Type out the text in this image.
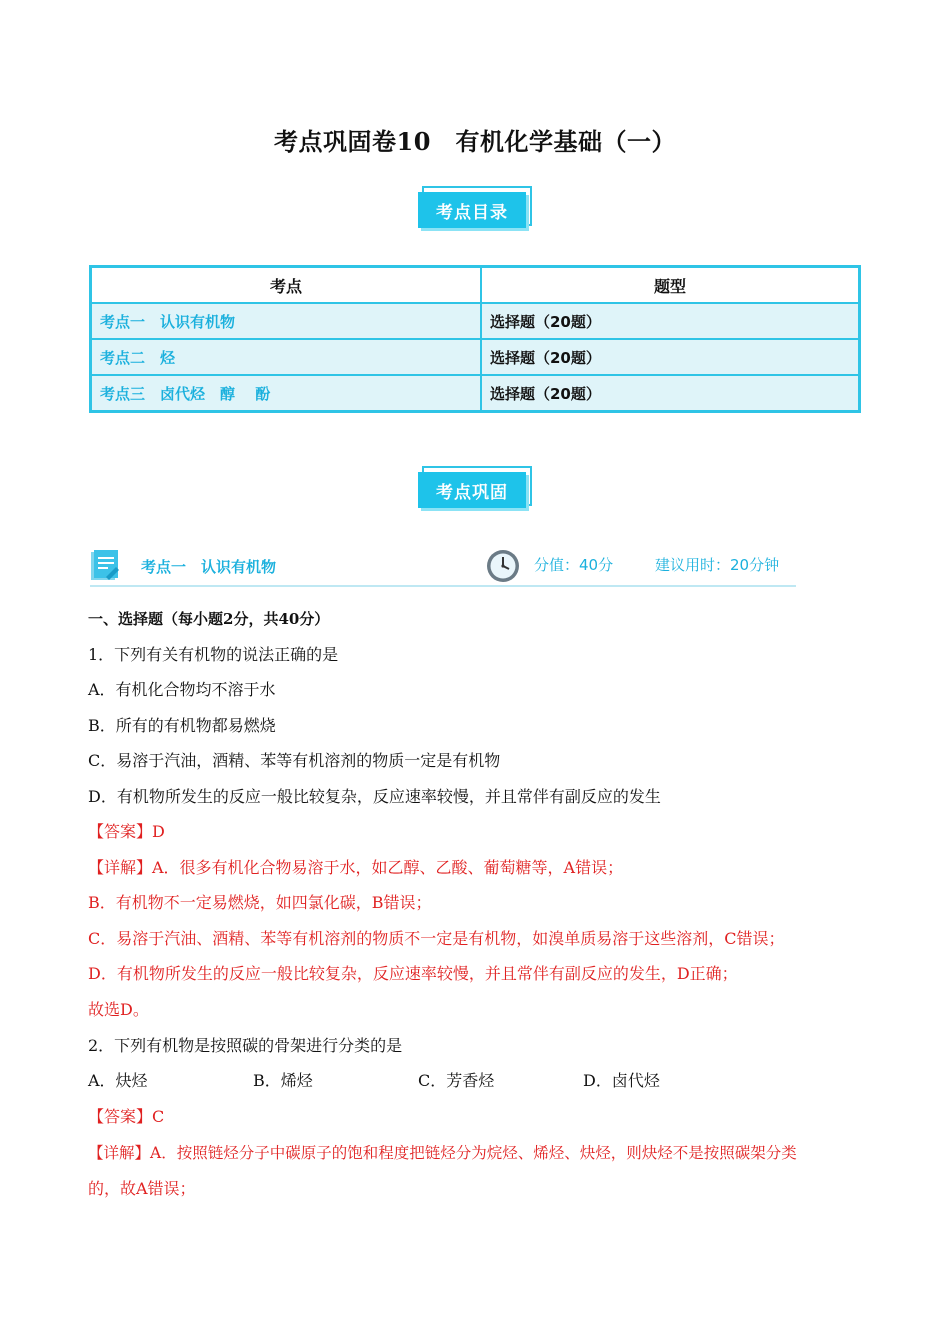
考点巩固卷10　有机化学基础（一）
考点目录
考点	题型
考点一　认识有机物	选择题（20题）
考点二　烃	选择题（20题）
考点三　卤代烃　醇　 酚	选择题（20题）
考点巩固
考点一　认识有机物	分值：40分	建议用时：20分钟
一、选择题（每小题2分，共40分）
1．下列有关有机物的说法正确的是
A．有机化合物均不溶于水
B．所有的有机物都易燃烧
C．易溶于汽油，酒精、苯等有机溶剂的物质一定是有机物
D．有机物所发生的反应一般比较复杂，反应速率较慢，并且常伴有副反应的发生
【答案】D
【详解】A．很多有机化合物易溶于水，如乙醇、乙酸、葡萄糖等，A错误；
B．有机物不一定易燃烧，如四氯化碳，B错误；
C．易溶于汽油、酒精、苯等有机溶剂的物质不一定是有机物，如溴单质易溶于这些溶剂，C错误；
D．有机物所发生的反应一般比较复杂，反应速率较慢，并且常伴有副反应的发生，D正确；
故选D。
2．下列有机物是按照碳的骨架进行分类的是
A．炔烃	B．烯烃	C．芳香烃	D．卤代烃
【答案】C
【详解】A．按照链烃分子中碳原子的饱和程度把链烃分为烷烃、烯烃、炔烃，则炔烃不是按照碳架分类
的，故A错误；
